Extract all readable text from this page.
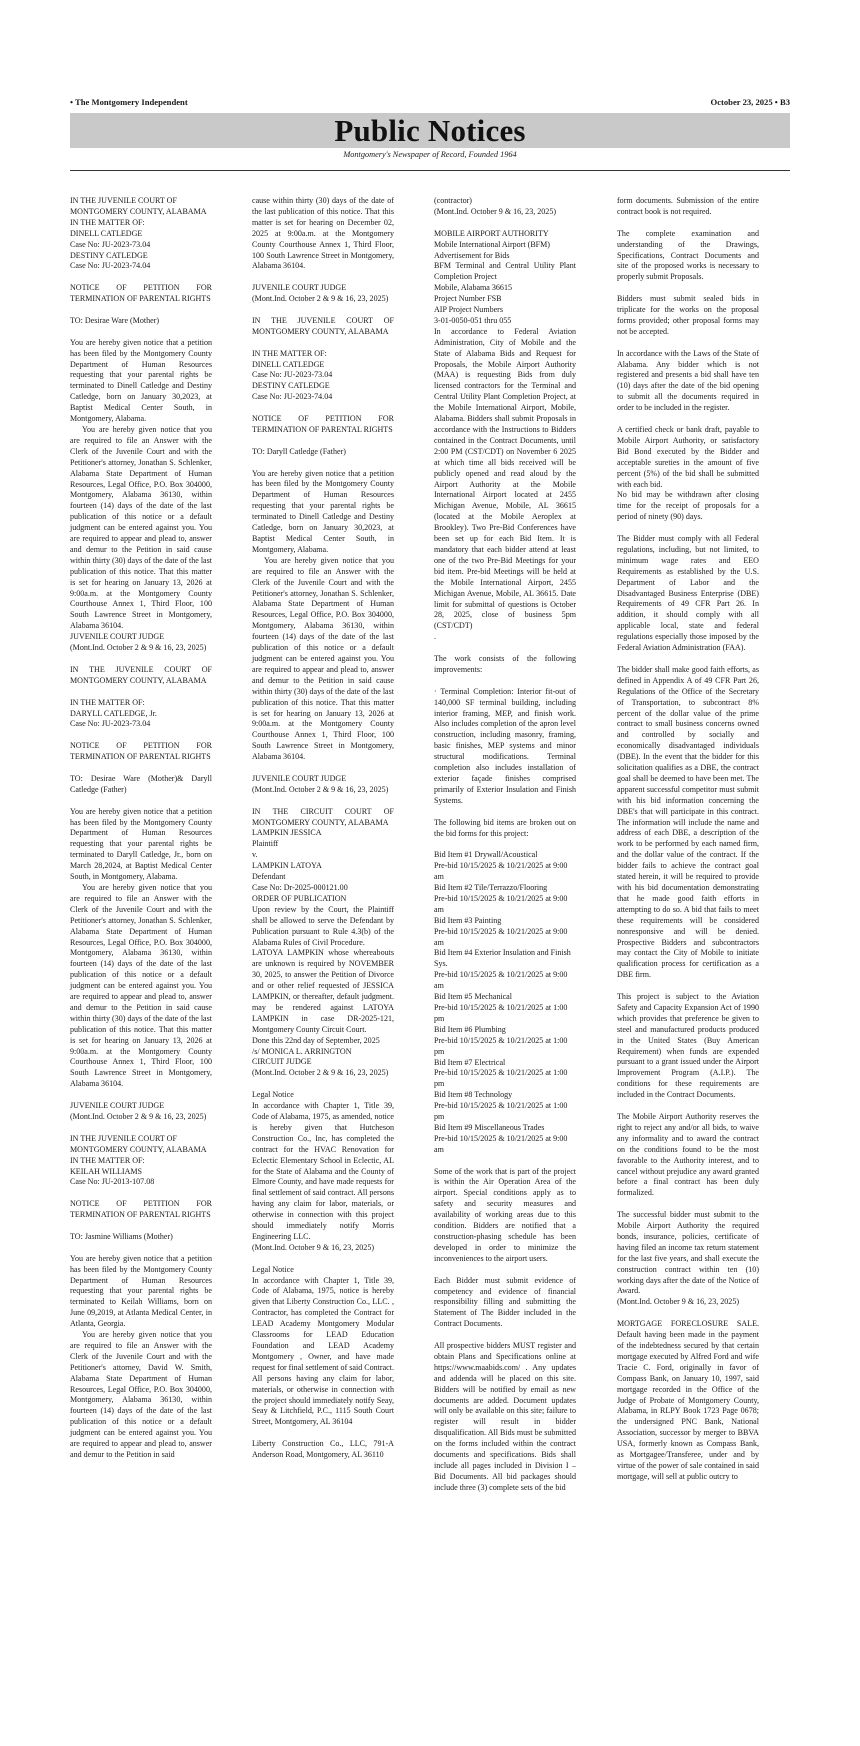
• The Montgomery Independent	October 23, 2025 • B3
Public Notices
Montgomery's Newspaper of Record, Founded 1964

IN THE JUVENILE COURT OF MONTGOMERY COUNTY, ALABAMA
IN THE MATTER OF:
DINELL CATLEDGE
Case No: JU-2023-73.04
DESTINY CATLEDGE
Case No: JU-2023-74.04

NOTICE OF PETITION FOR TERMINATION OF PARENTAL RIGHTS

TO: Desirae Ware (Mother)

You are hereby given notice that a petition has been filed by the Montgomery County Department of Human Resources requesting that your parental rights be terminated to Dinell Catledge and Destiny Catledge, born on January 30,2023, at Baptist Medical Center South, in Montgomery, Alabama.

You are hereby given notice that you are required to file an Answer with the Clerk of the Juvenile Court and with the Petitioner's attorney, Jonathan S. Schlenker, Alabama State Department of Human Resources, Legal Office, P.O. Box 304000, Montgomery, Alabama 36130, within fourteen (14) days of the date of the last publication of this notice or a default judgment can be entered against you. You are required to appear and plead to, answer and demur to the Petition in said cause within thirty (30) days of the date of the last publication of this notice. That this matter is set for hearing on January 13, 2026 at 9:00a.m. at the Montgomery County Courthouse Annex 1, Third Floor, 100 South Lawrence Street in Montgomery, Alabama 36104.
JUVENILE COURT JUDGE
(Mont.Ind. October 2 & 9 & 16, 23, 2025)

IN THE JUVENILE COURT OF MONTGOMERY COUNTY, ALABAMA

IN THE MATTER OF:
DARYLL CATLEDGE, Jr.
Case No: JU-2023-73.04

NOTICE OF PETITION FOR TERMINATION OF PARENTAL RIGHTS

TO: Desirae Ware (Mother)& Daryll Catledge (Father)

You are hereby given notice that a petition has been filed by the Montgomery County Department of Human Resources requesting that your parental rights be terminated to Daryll Catledge, Jr., born on March 28,2024, at Baptist Medical Center South, in Montgomery, Alabama.

You are hereby given notice that you are required to file an Answer with the Clerk of the Juvenile Court and with the Petitioner's attorney, Jonathan S. Schlenker, Alabama State Department of Human Resources, Legal Office, P.O. Box 304000, Montgomery, Alabama 36130, within fourteen (14) days of the date of the last publication of this notice or a default judgment can be entered against you. You are required to appear and plead to, answer and demur to the Petition in said cause within thirty (30) days of the date of the last publication of this notice. That this matter is set for hearing on January 13, 2026 at 9:00a.m. at the Montgomery County Courthouse Annex 1, Third Floor, 100 South Lawrence Street in Montgomery, Alabama 36104.

JUVENILE COURT JUDGE
(Mont.Ind. October 2 & 9 & 16, 23, 2025)

IN THE JUVENILE COURT OF MONTGOMERY COUNTY, ALABAMA
IN THE MATTER OF:
KEILAH WILLIAMS
Case No: JU-2013-107.08

NOTICE OF PETITION FOR TERMINATION OF PARENTAL RIGHTS

TO: Jasmine Williams (Mother)

You are hereby given notice that a petition has been filed by the Montgomery County Department of Human Resources requesting that your parental rights be terminated to Keilah Williams, born on June 09,2019, at Atlanta Medical Center, in Atlanta, Georgia.

You are hereby given notice that you are required to file an Answer with the Clerk of the Juvenile Court and with the Petitioner's attorney, David W. Smith, Alabama State Department of Human Resources, Legal Office, P.O. Box 304000, Montgomery, Alabama 36130, within fourteen (14) days of the date of the last publication of this notice or a default judgment can be entered against you. You are required to appear and plead to, answer and demur to the Petition in said

cause within thirty (30) days of the date of the last publication of this notice. That this matter is set for hearing on December 02, 2025 at 9:00a.m. at the Montgomery County Courthouse Annex 1, Third Floor, 100 South Lawrence Street in Montgomery, Alabama 36104.

JUVENILE COURT JUDGE
(Mont.Ind. October 2 & 9 & 16, 23, 2025)

IN THE JUVENILE COURT OF MONTGOMERY COUNTY, ALABAMA

IN THE MATTER OF:
DINELL CATLEDGE
Case No: JU-2023-73.04
DESTINY CATLEDGE
Case No: JU-2023-74.04

NOTICE OF PETITION FOR TERMINATION OF PARENTAL RIGHTS

TO: Daryll Catledge (Father)

You are hereby given notice that a petition has been filed by the Montgomery County Department of Human Resources requesting that your parental rights be terminated to Dinell Catledge and Destiny Catledge, born on January 30,2023, at Baptist Medical Center South, in Montgomery, Alabama.

You are hereby given notice that you are required to file an Answer with the Clerk of the Juvenile Court and with the Petitioner's attorney, Jonathan S. Schlenker, Alabama State Department of Human Resources, Legal Office, P.O. Box 304000, Montgomery, Alabama 36130, within fourteen (14) days of the date of the last publication of this notice or a default judgment can be entered against you. You are required to appear and plead to, answer and demur to the Petition in said cause within thirty (30) days of the date of the last publication of this notice. That this matter is set for hearing on January 13, 2026 at 9:00a.m. at the Montgomery County Courthouse Annex 1, Third Floor, 100 South Lawrence Street in Montgomery, Alabama 36104.

JUVENILE COURT JUDGE
(Mont.Ind. October 2 & 9 & 16, 23, 2025)

IN THE CIRCUIT COURT OF MONTGOMERY COUNTY, ALABAMA
LAMPKIN JESSICA
Plaintiff
v.
LAMPKIN LATOYA
Defendant
Case No: Dr-2025-000121.00
ORDER OF PUBLICATION
Upon review by the Court, the Plaintiff shall be allowed to serve the Defendant by Publication pursuant to Rule 4.3(b) of the Alabama Rules of Civil Procedure.
LATOYA LAMPKIN whose whereabouts are unknown is required by NOVEMBER 30, 2025, to answer the Petition of Divorce and or other relief requested of JESSICA LAMPKIN, or thereafter, default judgment. may be rendered against LATOYA LAMPKIN in case DR-2025-121, Montgomery County Circuit Court.
Done this 22nd day of September, 2025
/s/ MONICA L. ARRINGTON
CIRCUIT JUDGE
(Mont.Ind. October 2 & 9 & 16, 23, 2025)

Legal Notice
In accordance with Chapter 1, Title 39, Code of Alabama, 1975, as amended, notice is hereby given that Hutcheson Construction Co., Inc, has completed the contract for the HVAC Renovation for Eclectic Elementary School in Eclectic, AL for the State of Alabama and the County of Elmore County, and have made requests for final settlement of said contract. All persons having any claim for labor, materials, or otherwise in connection with this project should immediately notify Morris Engineering LLC.
(Mont.Ind. October 9 & 16, 23, 2025)

Legal Notice
In accordance with Chapter 1, Title 39, Code of Alabama, 1975, notice is hereby given that Liberty Construction Co., LLC. , Contractor, has completed the Contract for LEAD Academy Montgomery Modular Classrooms for LEAD Education Foundation and LEAD Academy Montgomery , Owner, and have made request for final settlement of said Contract. All persons having any claim for labor, materials, or otherwise in connection with the project should immediately notify Seay, Seay & Litchfield, P.C., 1115 South Court Street, Montgomery, AL 36104

Liberty Construction Co., LLC, 791-A Anderson Road, Montgomery, AL 36110

(contractor)
(Mont.Ind. October 9 & 16, 23, 2025)

MOBILE AIRPORT AUTHORITY
Mobile International Airport (BFM)
Advertisement for Bids
BFM Terminal and Central Utility Plant Completion Project
Mobile, Alabama 36615
Project Number FSB
AIP Project Numbers
3-01-0050-051 thru 055
In accordance to Federal Aviation Administration, City of Mobile and the State of Alabama Bids and Request for Proposals, the Mobile Airport Authority (MAA) is requesting Bids from duly licensed contractors for the Terminal and Central Utility Plant Completion Project, at the Mobile International Airport, Mobile, Alabama. Bidders shall submit Proposals in accordance with the Instructions to Bidders contained in the Contract Documents, until 2:00 PM (CST/CDT) on November 6 2025 at which time all bids received will be publicly opened and read aloud by the Airport Authority at the Mobile International Airport located at 2455 Michigan Avenue, Mobile, AL 36615 (located at the Mobile Aeroplex at Brookley). Two Pre-Bid Conferences have been set up for each Bid Item. It is mandatory that each bidder attend at least one of the two Pre-Bid Meetings for your bid item. Pre-bid Meetings will be held at the Mobile International Airport, 2455 Michigan Avenue, Mobile, AL 36615. Date limit for submittal of questions is October 28, 2025, close of business 5pm (CST/CDT)
.

The work consists of the following improvements:

· Terminal Completion: Interior fit-out of 140,000 SF terminal building, including interior framing, MEP, and finish work. Also includes completion of the apron level construction, including masonry, framing, basic finishes, MEP systems and minor structural modifications. Terminal completion also includes installation of exterior façade finishes comprised primarily of Exterior Insulation and Finish Systems.

The following bid items are broken out on the bid forms for this project:

Bid Item #1 Drywall/Acoustical
Pre-bid 10/15/2025 & 10/21/2025 at 9:00 am
Bid Item #2 Tile/Terrazzo/Flooring
Pre-bid 10/15/2025 & 10/21/2025 at 9:00 am
Bid Item #3 Painting
Pre-bid 10/15/2025 & 10/21/2025 at 9:00 am
Bid Item #4 Exterior Insulation and Finish Sys.
Pre-bid 10/15/2025 & 10/21/2025 at 9:00 am
Bid Item #5 Mechanical
Pre-bid 10/15/2025 & 10/21/2025 at 1:00 pm
Bid Item #6 Plumbing
Pre-bid 10/15/2025 & 10/21/2025 at 1:00 pm
Bid Item #7 Electrical
Pre-bid 10/15/2025 & 10/21/2025 at 1:00 pm
Bid Item #8 Technology
Pre-bid 10/15/2025 & 10/21/2025 at 1:00 pm
Bid Item #9 Miscellaneous Trades
Pre-bid 10/15/2025 & 10/21/2025 at 9:00 am

Some of the work that is part of the project is within the Air Operation Area of the airport. Special conditions apply as to safety and security measures and availability of working areas due to this condition. Bidders are notified that a construction-phasing schedule has been developed in order to minimize the inconveniences to the airport users.

Each Bidder must submit evidence of competency and evidence of financial responsibility filling and submitting the Statement of The Bidder included in the Contract Documents.

All prospective bidders MUST register and obtain Plans and Specifications online at https://www.maabids.com/ . Any updates and addenda will be placed on this site. Bidders will be notified by email as new documents are added. Document updates will only be available on this site; failure to register will result in bidder disqualification. All Bids must be submitted on the forms included within the contract documents and specifications. Bids shall include all pages included in Division I – Bid Documents. All bid packages should include three (3) complete sets of the bid

form documents. Submission of the entire contract book is not required.

The complete examination and understanding of the Drawings, Specifications, Contract Documents and site of the proposed works is necessary to properly submit Proposals.

Bidders must submit sealed bids in triplicate for the works on the proposal forms provided; other proposal forms may not be accepted.

In accordance with the Laws of the State of Alabama. Any bidder which is not registered and presents a bid shall have ten (10) days after the date of the bid opening to submit all the documents required in order to be included in the register.

A certified check or bank draft, payable to Mobile Airport Authority, or satisfactory Bid Bond executed by the Bidder and acceptable sureties in the amount of five percent (5%) of the bid shall be submitted with each bid.
No bid may be withdrawn after closing time for the receipt of proposals for a period of ninety (90) days.

The Bidder must comply with all Federal regulations, including, but not limited, to minimum wage rates and EEO Requirements as established by the U.S. Department of Labor and the Disadvantaged Business Enterprise (DBE) Requirements of 49 CFR Part 26. In addition, it should comply with all applicable local, state and federal regulations especially those imposed by the Federal Aviation Administration (FAA).

The bidder shall make good faith efforts, as defined in Appendix A of 49 CFR Part 26, Regulations of the Office of the Secretary of Transportation, to subcontract 8% percent of the dollar value of the prime contract to small business concerns owned and controlled by socially and economically disadvantaged individuals (DBE). In the event that the bidder for this solicitation qualifies as a DBE, the contract goal shall be deemed to have been met. The apparent successful competitor must submit with his bid information concerning the DBE's that will participate in this contract. The information will include the name and address of each DBE, a description of the work to be performed by each named firm, and the dollar value of the contract. If the bidder fails to achieve the contract goal stated herein, it will be required to provide with his bid documentation demonstrating that he made good faith efforts in attempting to do so. A bid that fails to meet these requirements will be considered nonresponsive and will be denied. Prospective Bidders and subcontractors may contact the City of Mobile to initiate qualification process for certification as a DBE firm.

This project is subject to the Aviation Safety and Capacity Expansion Act of 1990 which provides that preference be given to steel and manufactured products produced in the United States (Buy American Requirement) when funds are expended pursuant to a grant issued under the Airport Improvement Program (A.I.P.). The conditions for these requirements are included in the Contract Documents.

The Mobile Airport Authority reserves the right to reject any and/or all bids, to waive any informality and to award the contract on the conditions found to be the most favorable to the Authority interest, and to cancel without prejudice any award granted before a final contract has been duly formalized.

The successful bidder must submit to the Mobile Airport Authority the required bonds, insurance, policies, certificate of having filed an income tax return statement for the last five years, and shall execute the construction contract within ten (10) working days after the date of the Notice of Award.
(Mont.Ind. October 9 & 16, 23, 2025)

MORTGAGE FORECLOSURE SALE. Default having been made in the payment of the indebtedness secured by that certain mortgage executed by Alfred Ford and wife Tracie C. Ford, originally in favor of Compass Bank, on January 10, 1997, said mortgage recorded in the Office of the Judge of Probate of Montgomery County, Alabama, in RLPY Book 1723 Page 0678; the undersigned PNC Bank, National Association, successor by merger to BBVA USA, formerly known as Compass Bank, as Mortgagee/Transferee, under and by virtue of the power of sale contained in said mortgage, will sell at public outcry to
